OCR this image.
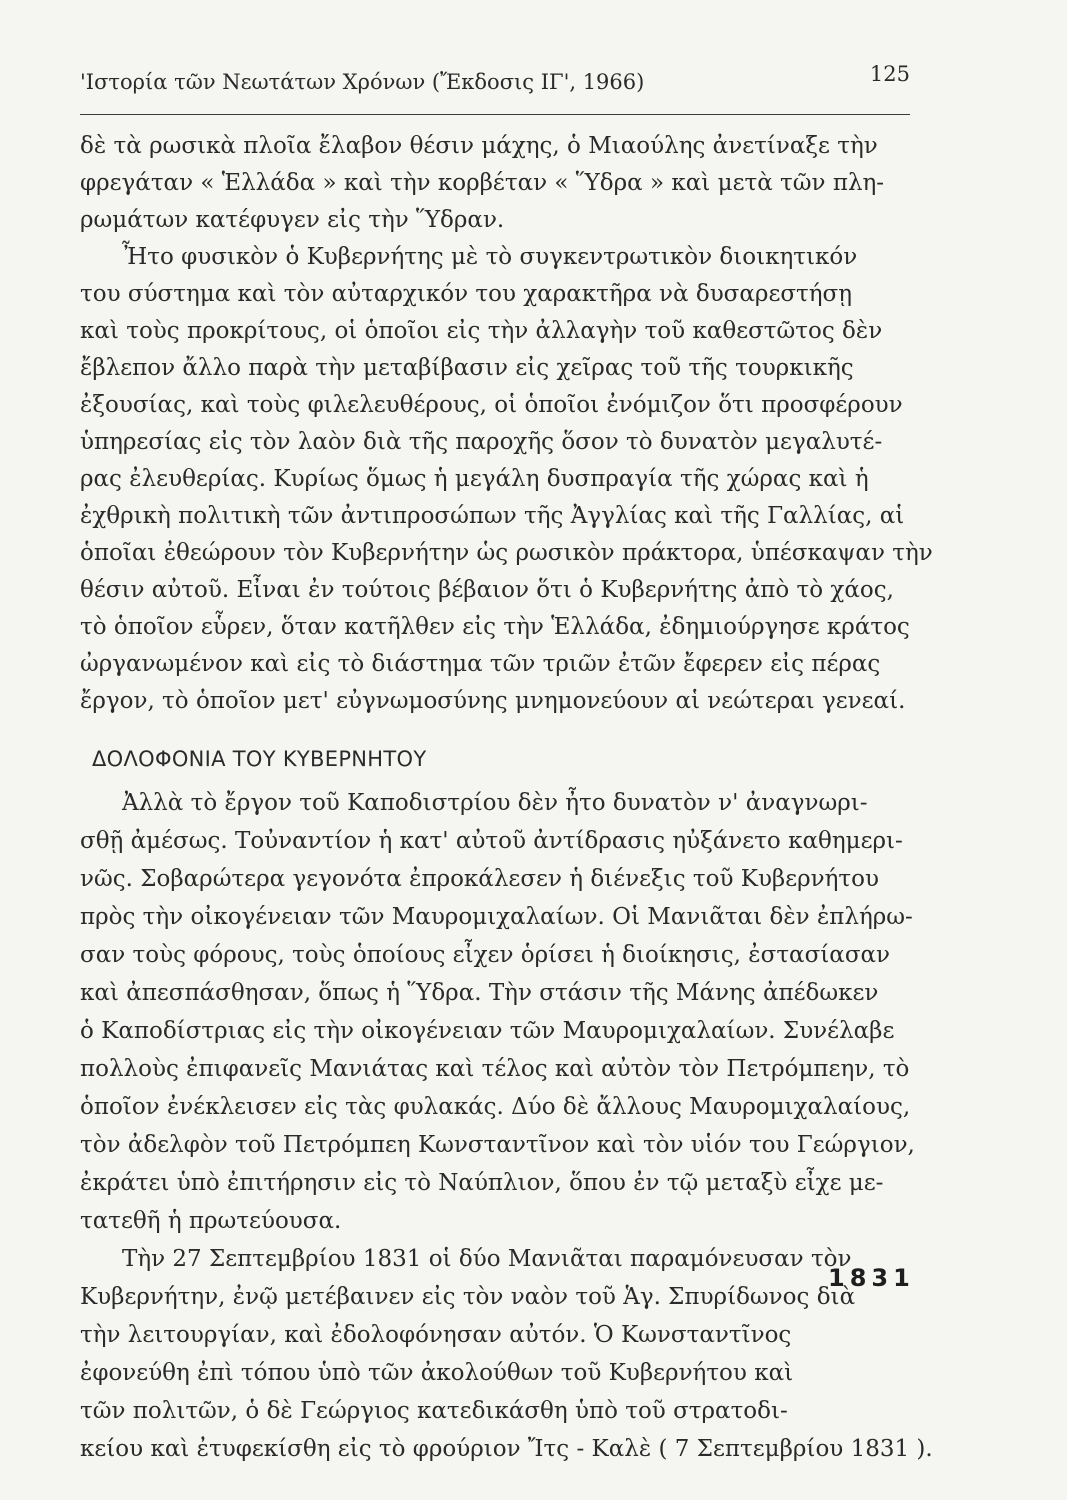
'Ιστορία τῶν Νεωτάτων Χρόνων (Ἔκδοσις ΙΓ', 1966)	125
δὲ τὰ ρωσικὰ πλοῖα ἔλαβον θέσιν μάχης, ὁ Μιαούλης ἀνετίναξε τὴν
φρεγάταν « Ἑλλάδα » καὶ τὴν κορβέταν « Ὕδρα » καὶ μετὰ τῶν πλη-
ρωμάτων κατέφυγεν εἰς τὴν Ὕδραν.
Ἦτο φυσικὸν ὁ Κυβερνήτης μὲ τὸ συγκεντρωτικὸν διοικητικόν
του σύστημα καὶ τὸν αὐταρχικόν του χαρακτῆρα νὰ δυσαρεστήσῃ
καὶ τοὺς προκρίτους, οἱ ὁποῖοι εἰς τὴν ἀλλαγὴν τοῦ καθεστῶτος δὲν
ἔβλεπον ἄλλο παρὰ τὴν μεταβίβασιν εἰς χεῖρας τοῦ τῆς τουρκικῆς
ἐξουσίας, καὶ τοὺς φιλελευθέρους, οἱ ὁποῖοι ἐνόμιζον ὅτι προσφέρουν
ὑπηρεσίας εἰς τὸν λαὸν διὰ τῆς παροχῆς ὅσον τὸ δυνατὸν μεγαλυτέ-
ρας ἐλευθερίας. Κυρίως ὅμως ἡ μεγάλη δυσπραγία τῆς χώρας καὶ ἡ
ἐχθρικὴ πολιτικὴ τῶν ἀντιπροσώπων τῆς Ἀγγλίας καὶ τῆς Γαλλίας, αἱ
ὁποῖαι ἐθεώρουν τὸν Κυβερνήτην ὡς ρωσικὸν πράκτορα, ὑπέσκαψαν τὴν
θέσιν αὐτοῦ. Εἶναι ἐν τούτοις βέβαιον ὅτι ὁ Κυβερνήτης ἀπὸ τὸ χάος,
τὸ ὁποῖον εὗρεν, ὅταν κατῆλθεν εἰς τὴν Ἑλλάδα, ἐδημιούργησε κράτος
ὠργανωμένον καὶ εἰς τὸ διάστημα τῶν τριῶν ἐτῶν ἔφερεν εἰς πέρας
ἔργον, τὸ ὁποῖον μετ' εὐγνωμοσύνης μνημονεύουν αἱ νεώτεραι γενεαί.
ΔΟΛΟΦΟΝΙΑ ΤΟΥ ΚΥΒΕΡΝΗΤΟΥ
Ἀλλὰ τὸ ἔργον τοῦ Καποδιστρίου δὲν ἦτο δυνατὸν ν' ἀναγνωρι-
σθῇ ἀμέσως. Τοὐναντίον ἡ κατ' αὐτοῦ ἀντίδρασις ηὐξάνετο καθημερι-
νῶς. Σοβαρώτερα γεγονότα ἐπροκάλεσεν ἡ διένεξις τοῦ Κυβερνήτου
πρὸς τὴν οἰκογένειαν τῶν Μαυρομιχαλαίων. Οἱ Μανιᾶται δὲν ἐπλήρω-
σαν τοὺς φόρους, τοὺς ὁποίους εἶχεν ὁρίσει ἡ διοίκησις, ἐστασίασαν
καὶ ἀπεσπάσθησαν, ὅπως ἡ Ὕδρα. Τὴν στάσιν τῆς Μάνης ἀπέδωκεν
ὁ Καποδίστριας εἰς τὴν οἰκογένειαν τῶν Μαυρομιχαλαίων. Συνέλαβε
πολλοὺς ἐπιφανεῖς Μανιάτας καὶ τέλος καὶ αὐτὸν τὸν Πετρόμπεην, τὸ
ὁποῖον ἐνέκλεισεν εἰς τὰς φυλακάς. Δύο δὲ ἄλλους Μαυρομιχαλαίους,
τὸν ἀδελφὸν τοῦ Πετρόμπεη Κωνσταντῖνον καὶ τὸν υἱόν του Γεώργιον,
ἐκράτει ὑπὸ ἐπιτήρησιν εἰς τὸ Ναύπλιον, ὅπου ἐν τῷ μεταξὺ εἶχε με-
τατεθῆ ἡ πρωτεύουσα.
Τὴν 27 Σεπτεμβρίου 1831 οἱ δύο Μανιᾶται παραμόνευσαν τὸν
Κυβερνήτην, ἐνῷ μετέβαινεν εἰς τὸν ναὸν τοῦ Ἁγ. Σπυρίδωνος διὰ
τὴν λειτουργίαν, καὶ ἐδολοφόνησαν αὐτόν. Ὁ Κωνσταντῖνος
ἐφονεύθη ἐπὶ τόπου ὑπὸ τῶν ἀκολούθων τοῦ Κυβερνήτου καὶ
τῶν πολιτῶν, ὁ δὲ Γεώργιος κατεδικάσθη ὑπὸ τοῦ στρατοδι-
κείου καὶ ἐτυφεκίσθη εἰς τὸ φρούριον Ἴτς - Καλὲ ( 7 Σεπτεμβρίου 1831 ).
1831
